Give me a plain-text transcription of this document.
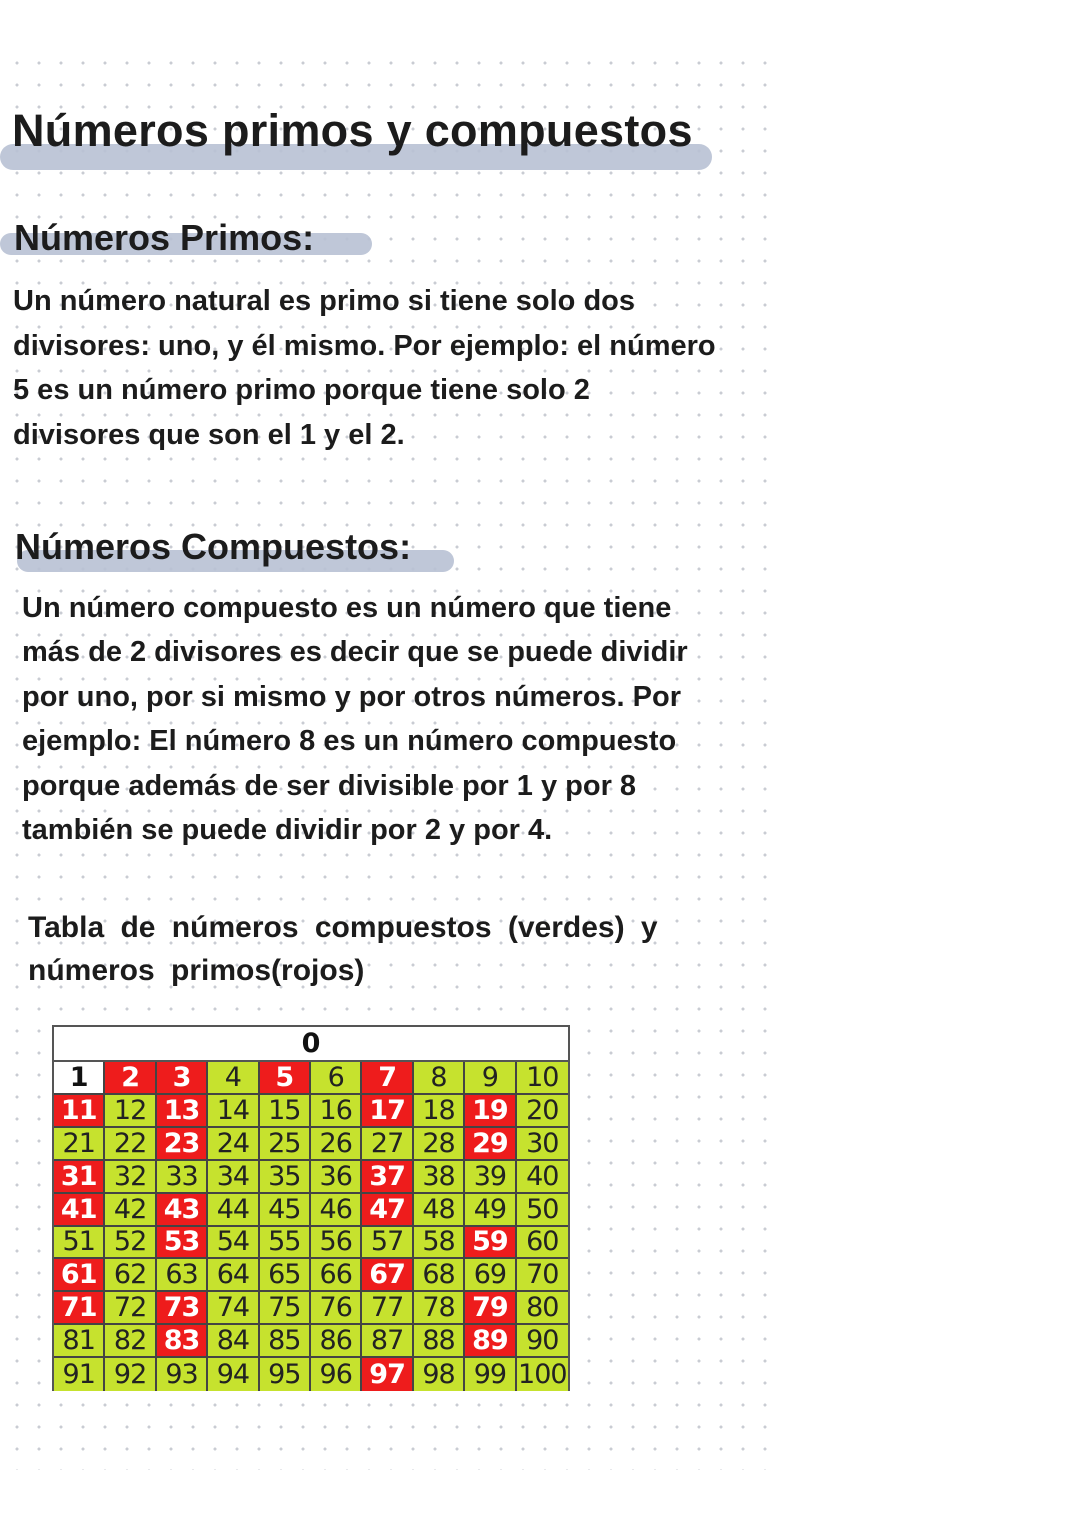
Números primos y compuestos
Números Primos:

Un número natural es primo si tiene solo dos
divisores: uno, y él mismo. Por ejemplo: el número
5 es un número primo porque tiene solo 2
divisores que son el 1 y el 2.

Números Compuestos:

Un número compuesto es un número que tiene
más de 2 divisores es decir que se puede dividir
por uno, por si mismo y por otros números. Por
ejemplo: El número 8 es un número compuesto
porque además de ser divisible por 1 y por 8
también se puede dividir por 2 y por 4.

Tabla de números compuestos (verdes) y
números primos(rojos)

0
1	2	3	4	5	6	7	8	9	10
11 12 13 14 15 16 17 18 19 20
21 22 23 24 25 26 27 28 29 30
31 32 33 34 35 36 37 38 39 40
41 42 43 44 45 46 47 48 49 50
51 52 53 54 55 56 57 58 59 60
61 62 63 64 65 66 67 68 69 70
71 72 73 74 75 76 77 78 79 80
81 82 83 84 85 86 87 88 89 90
91 92 93 94 95 96 97 98 99 100
